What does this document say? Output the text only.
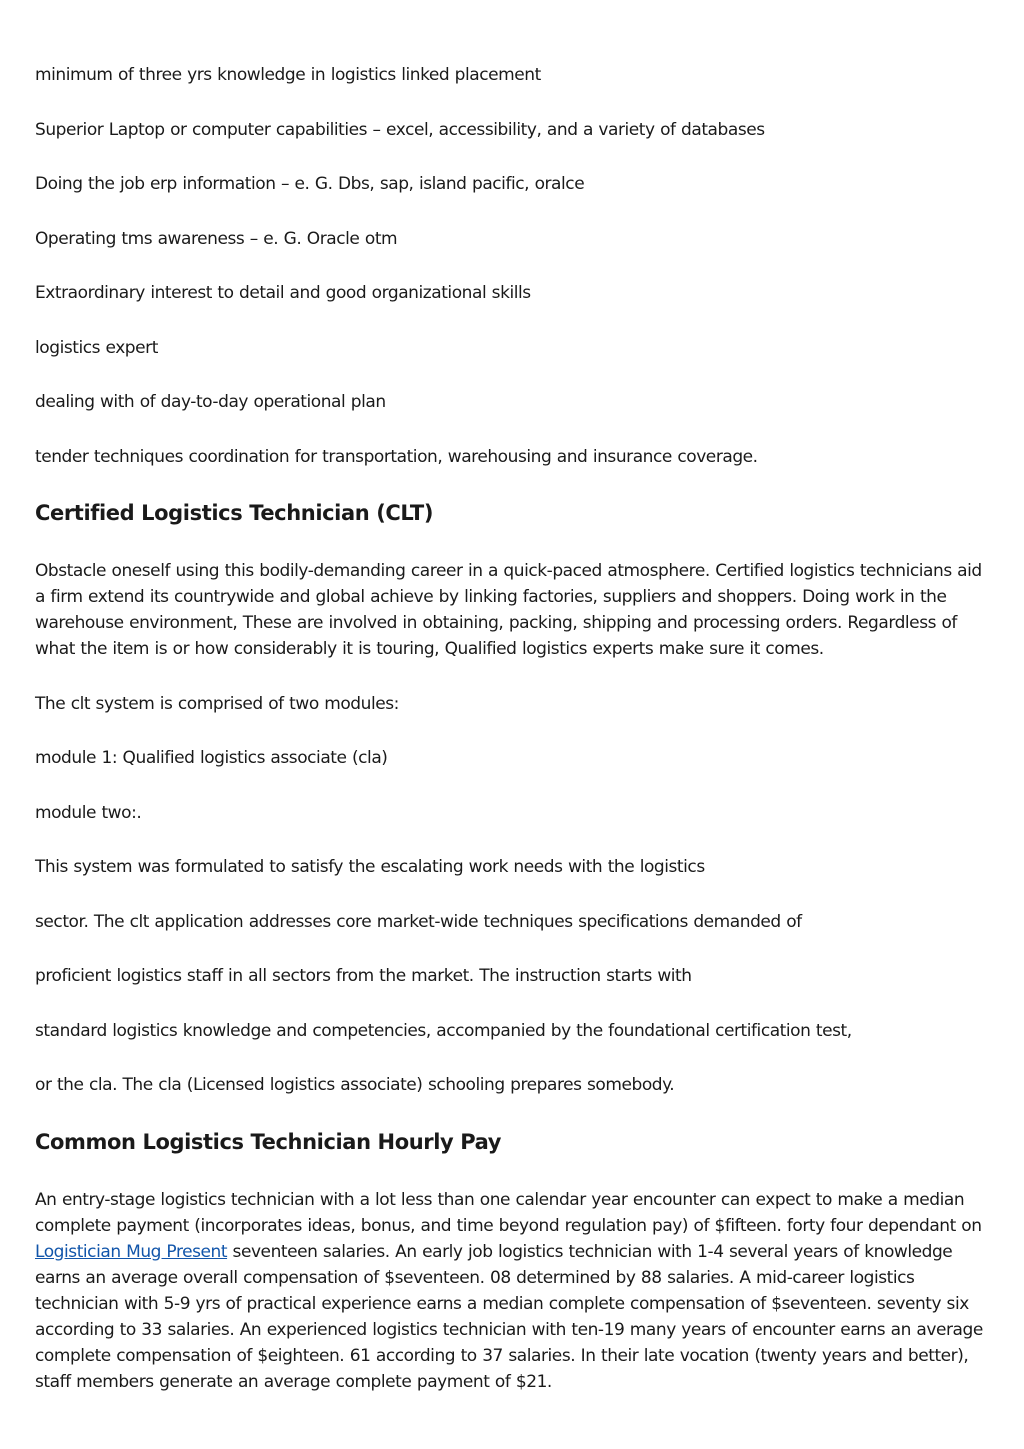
minimum of three yrs knowledge in logistics linked placement

Superior Laptop or computer capabilities – excel, accessibility, and a variety of databases

Doing the job erp information – e. G. Dbs, sap, island pacific, oralce

Operating tms awareness – e. G. Oracle otm

Extraordinary interest to detail and good organizational skills

logistics expert

dealing with of day-to-day operational plan

tender techniques coordination for transportation, warehousing and insurance coverage.

Certified Logistics Technician (CLT)

Obstacle oneself using this bodily-demanding career in a quick-paced atmosphere. Certified logistics technicians aid a firm extend its countrywide and global achieve by linking factories, suppliers and shoppers. Doing work in the warehouse environment, These are involved in obtaining, packing, shipping and processing orders. Regardless of what the item is or how considerably it is touring, Qualified logistics experts make sure it comes.

The clt system is comprised of two modules:

module 1: Qualified logistics associate (cla)

module two:.

This system was formulated to satisfy the escalating work needs with the logistics

sector. The clt application addresses core market-wide techniques specifications demanded of

proficient logistics staff in all sectors from the market. The instruction starts with

standard logistics knowledge and competencies, accompanied by the foundational certification test,

or the cla. The cla (Licensed logistics associate) schooling prepares somebody.

Common Logistics Technician Hourly Pay

An entry-stage logistics technician with a lot less than one calendar year encounter can expect to make a median complete payment (incorporates ideas, bonus, and time beyond regulation pay) of $fifteen. forty four dependant on Logistician Mug Present seventeen salaries. An early job logistics technician with 1-4 several years of knowledge earns an average overall compensation of $seventeen. 08 determined by 88 salaries. A mid-career logistics technician with 5-9 yrs of practical experience earns a median complete compensation of $seventeen. seventy six according to 33 salaries. An experienced logistics technician with ten-19 many years of encounter earns an average complete compensation of $eighteen. 61 according to 37 salaries. In their late vocation (twenty years and better), staff members generate an average complete payment of $21.
